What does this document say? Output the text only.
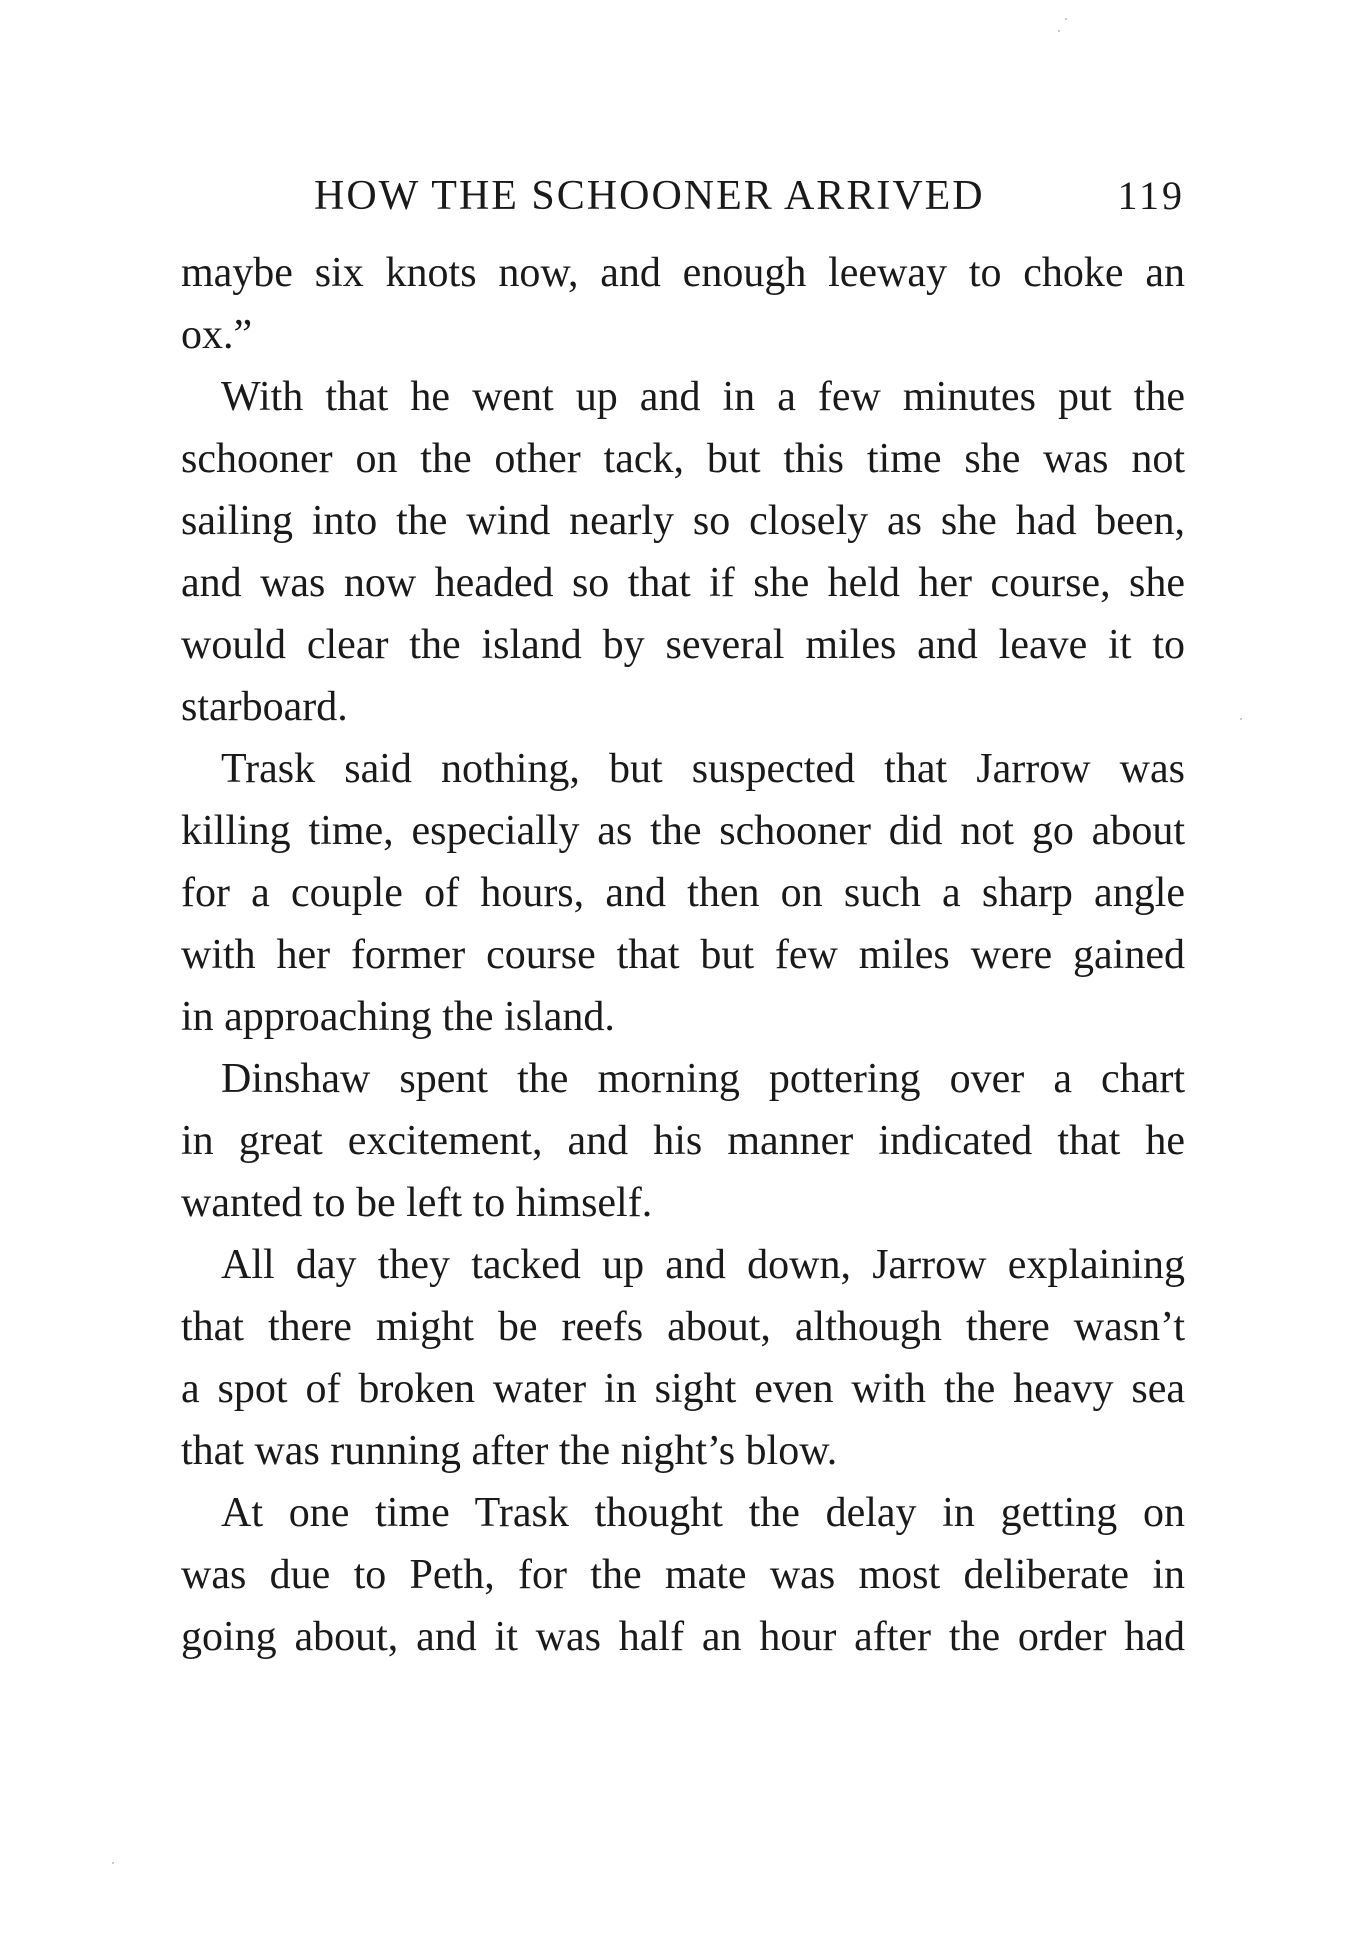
HOW THE SCHOONER ARRIVED	119
maybe six knots now, and enough leeway to choke an
ox.”
With that he went up and in a few minutes put the
schooner on the other tack, but this time she was not
sailing into the wind nearly so closely as she had been,
and was now headed so that if she held her course, she
would clear the island by several miles and leave it to
starboard.
Trask said nothing, but suspected that Jarrow was
killing time, especially as the schooner did not go about
for a couple of hours, and then on such a sharp angle
with her former course that but few miles were gained
in approaching the island.
Dinshaw spent the morning pottering over a chart
in great excitement, and his manner indicated that he
wanted to be left to himself.
All day they tacked up and down, Jarrow explaining
that there might be reefs about, although there wasn’t
a spot of broken water in sight even with the heavy sea
that was running after the night’s blow.
At one time Trask thought the delay in getting on
was due to Peth, for the mate was most deliberate in
going about, and it was half an hour after the order had
